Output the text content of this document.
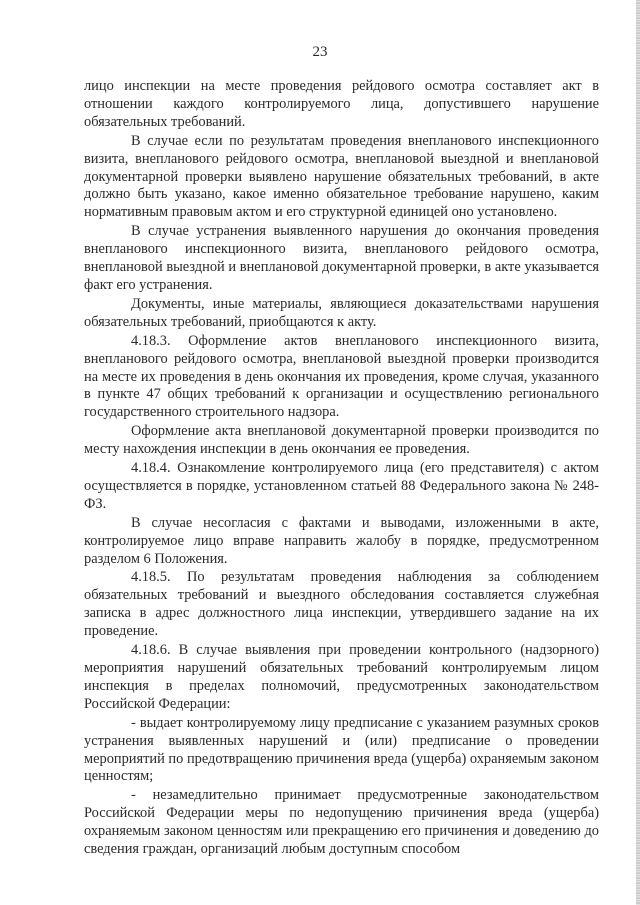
23

лицо инспекции на месте проведения рейдового осмотра составляет акт в отношении каждого контролируемого лица, допустившего нарушение обязательных требований.

В случае если по результатам проведения внепланового инспекционного визита, внепланового рейдового осмотра, внеплановой выездной и внеплановой документарной проверки выявлено нарушение обязательных требований, в акте должно быть указано, какое именно обязательное требование нарушено, каким нормативным правовым актом и его структурной единицей оно установлено.

В случае устранения выявленного нарушения до окончания проведения внепланового инспекционного визита, внепланового рейдового осмотра, внеплановой выездной и внеплановой документарной проверки, в акте указывается факт его устранения.

Документы, иные материалы, являющиеся доказательствами нарушения обязательных требований, приобщаются к акту.

4.18.3. Оформление актов внепланового инспекционного визита, внепланового рейдового осмотра, внеплановой выездной проверки производится на месте их проведения в день окончания их проведения, кроме случая, указанного в пункте 47 общих требований к организации и осуществлению регионального государственного строительного надзора.

Оформление акта внеплановой документарной проверки производится по месту нахождения инспекции в день окончания ее проведения.

4.18.4. Ознакомление контролируемого лица (его представителя) с актом осуществляется в порядке, установленном статьей 88 Федерального закона № 248-ФЗ.

В случае несогласия с фактами и выводами, изложенными в акте, контролируемое лицо вправе направить жалобу в порядке, предусмотренном разделом 6 Положения.

4.18.5. По результатам проведения наблюдения за соблюдением обязательных требований и выездного обследования составляется служебная записка в адрес должностного лица инспекции, утвердившего задание на их проведение.

4.18.6. В случае выявления при проведении контрольного (надзорного) мероприятия нарушений обязательных требований контролируемым лицом инспекция в пределах полномочий, предусмотренных законодательством Российской Федерации:

- выдает контролируемому лицу предписание с указанием разумных сроков устранения выявленных нарушений и (или) предписание о проведении мероприятий по предотвращению причинения вреда (ущерба) охраняемым законом ценностям;

- незамедлительно принимает предусмотренные законодательством Российской Федерации меры по недопущению причинения вреда (ущерба) охраняемым законом ценностям или прекращению его причинения и доведению до сведения граждан, организаций любым доступным способом
